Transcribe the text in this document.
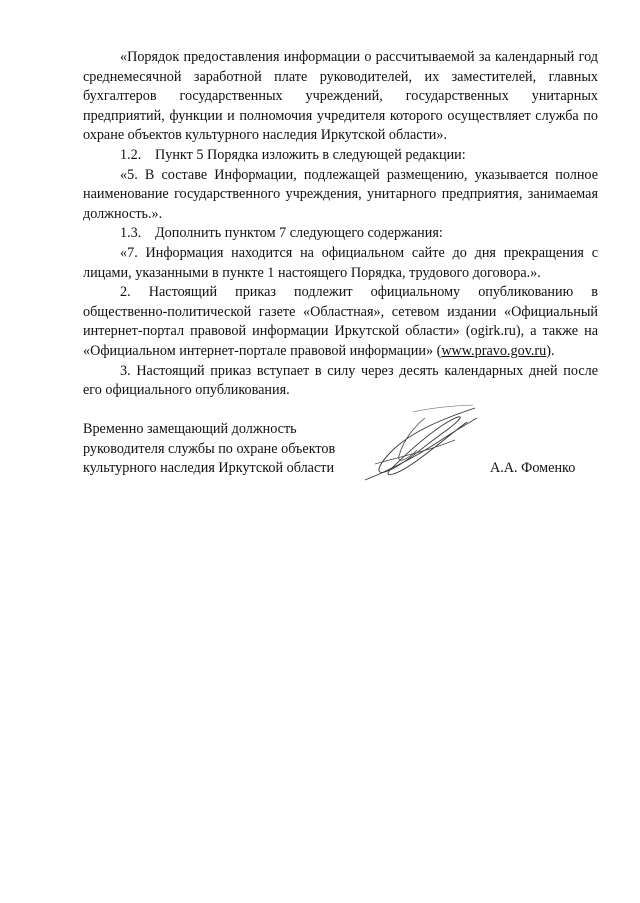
«Порядок предоставления информации о рассчитываемой за календарный год среднемесячной заработной плате руководителей, их заместителей, главных бухгалтеров государственных учреждений, государственных унитарных предприятий, функции и полномочия учредителя которого осуществляет служба по охране объектов культурного наследия Иркутской области».

1.2. Пункт 5 Порядка изложить в следующей редакции:

«5. В составе Информации, подлежащей размещению, указывается полное наименование государственного учреждения, унитарного предприятия, занимаемая должность.».

1.3. Дополнить пунктом 7 следующего содержания:

«7. Информация находится на официальном сайте до дня прекращения с лицами, указанными в пункте 1 настоящего Порядка, трудового договора.».

2. Настоящий приказ подлежит официальному опубликованию в общественно-политической газете «Областная», сетевом издании «Официальный интернет-портал правовой информации Иркутской области» (ogirk.ru), а также на «Официальном интернет-портале правовой информации» (www.pravo.gov.ru).

3. Настоящий приказ вступает в силу через десять календарных дней после его официального опубликования.

Временно замещающий должность
руководителя службы по охране объектов
культурного наследия Иркутской области	А.А. Фоменко
